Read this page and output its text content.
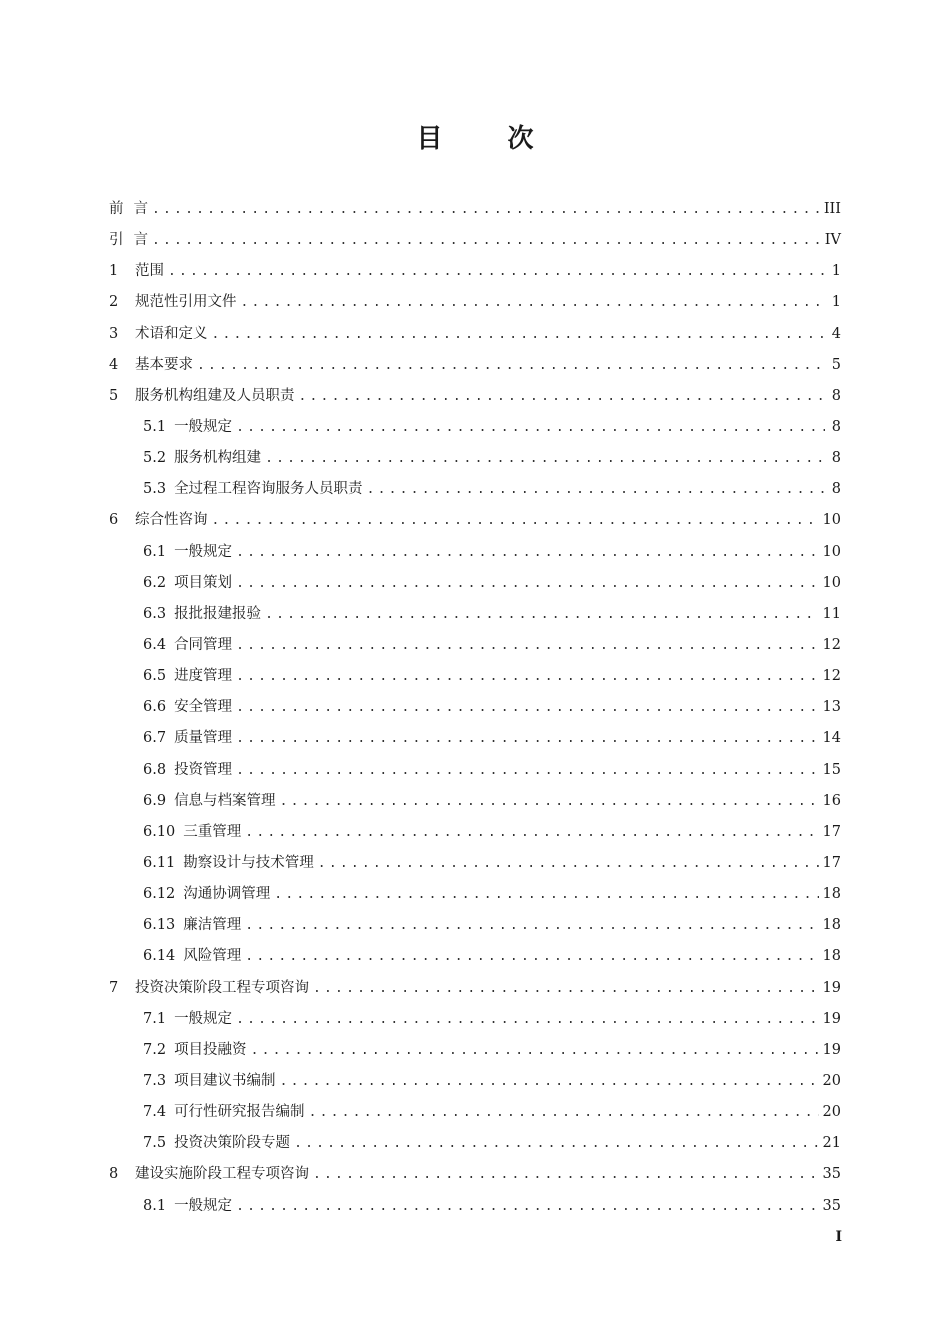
目 次
前言 .....	III
引言 .....	IV
1 范围 .....	1
2 规范性引用文件 .....	1
3 术语和定义 .....	4
4 基本要求 .....	5
5 服务机构组建及人员职责 .....	8
5.1 一般规定 .....	8
5.2 服务机构组建 .....	8
5.3 全过程工程咨询服务人员职责 .....	8
6 综合性咨询 .....	10
6.1 一般规定 .....	10
6.2 项目策划 .....	10
6.3 报批报建报验 .....	11
6.4 合同管理 .....	12
6.5 进度管理 .....	12
6.6 安全管理 .....	13
6.7 质量管理 .....	14
6.8 投资管理 .....	15
6.9 信息与档案管理 .....	16
6.10 三重管理 .....	17
6.11 勘察设计与技术管理 .....	17
6.12 沟通协调管理 .....	18
6.13 廉洁管理 .....	18
6.14 风险管理 .....	18
7 投资决策阶段工程专项咨询 .....	19
7.1 一般规定 .....	19
7.2 项目投融资 .....	19
7.3 项目建议书编制 .....	20
7.4 可行性研究报告编制 .....	20
7.5 投资决策阶段专题 .....	21
8 建设实施阶段工程专项咨询 .....	35
8.1 一般规定 .....	35
I
